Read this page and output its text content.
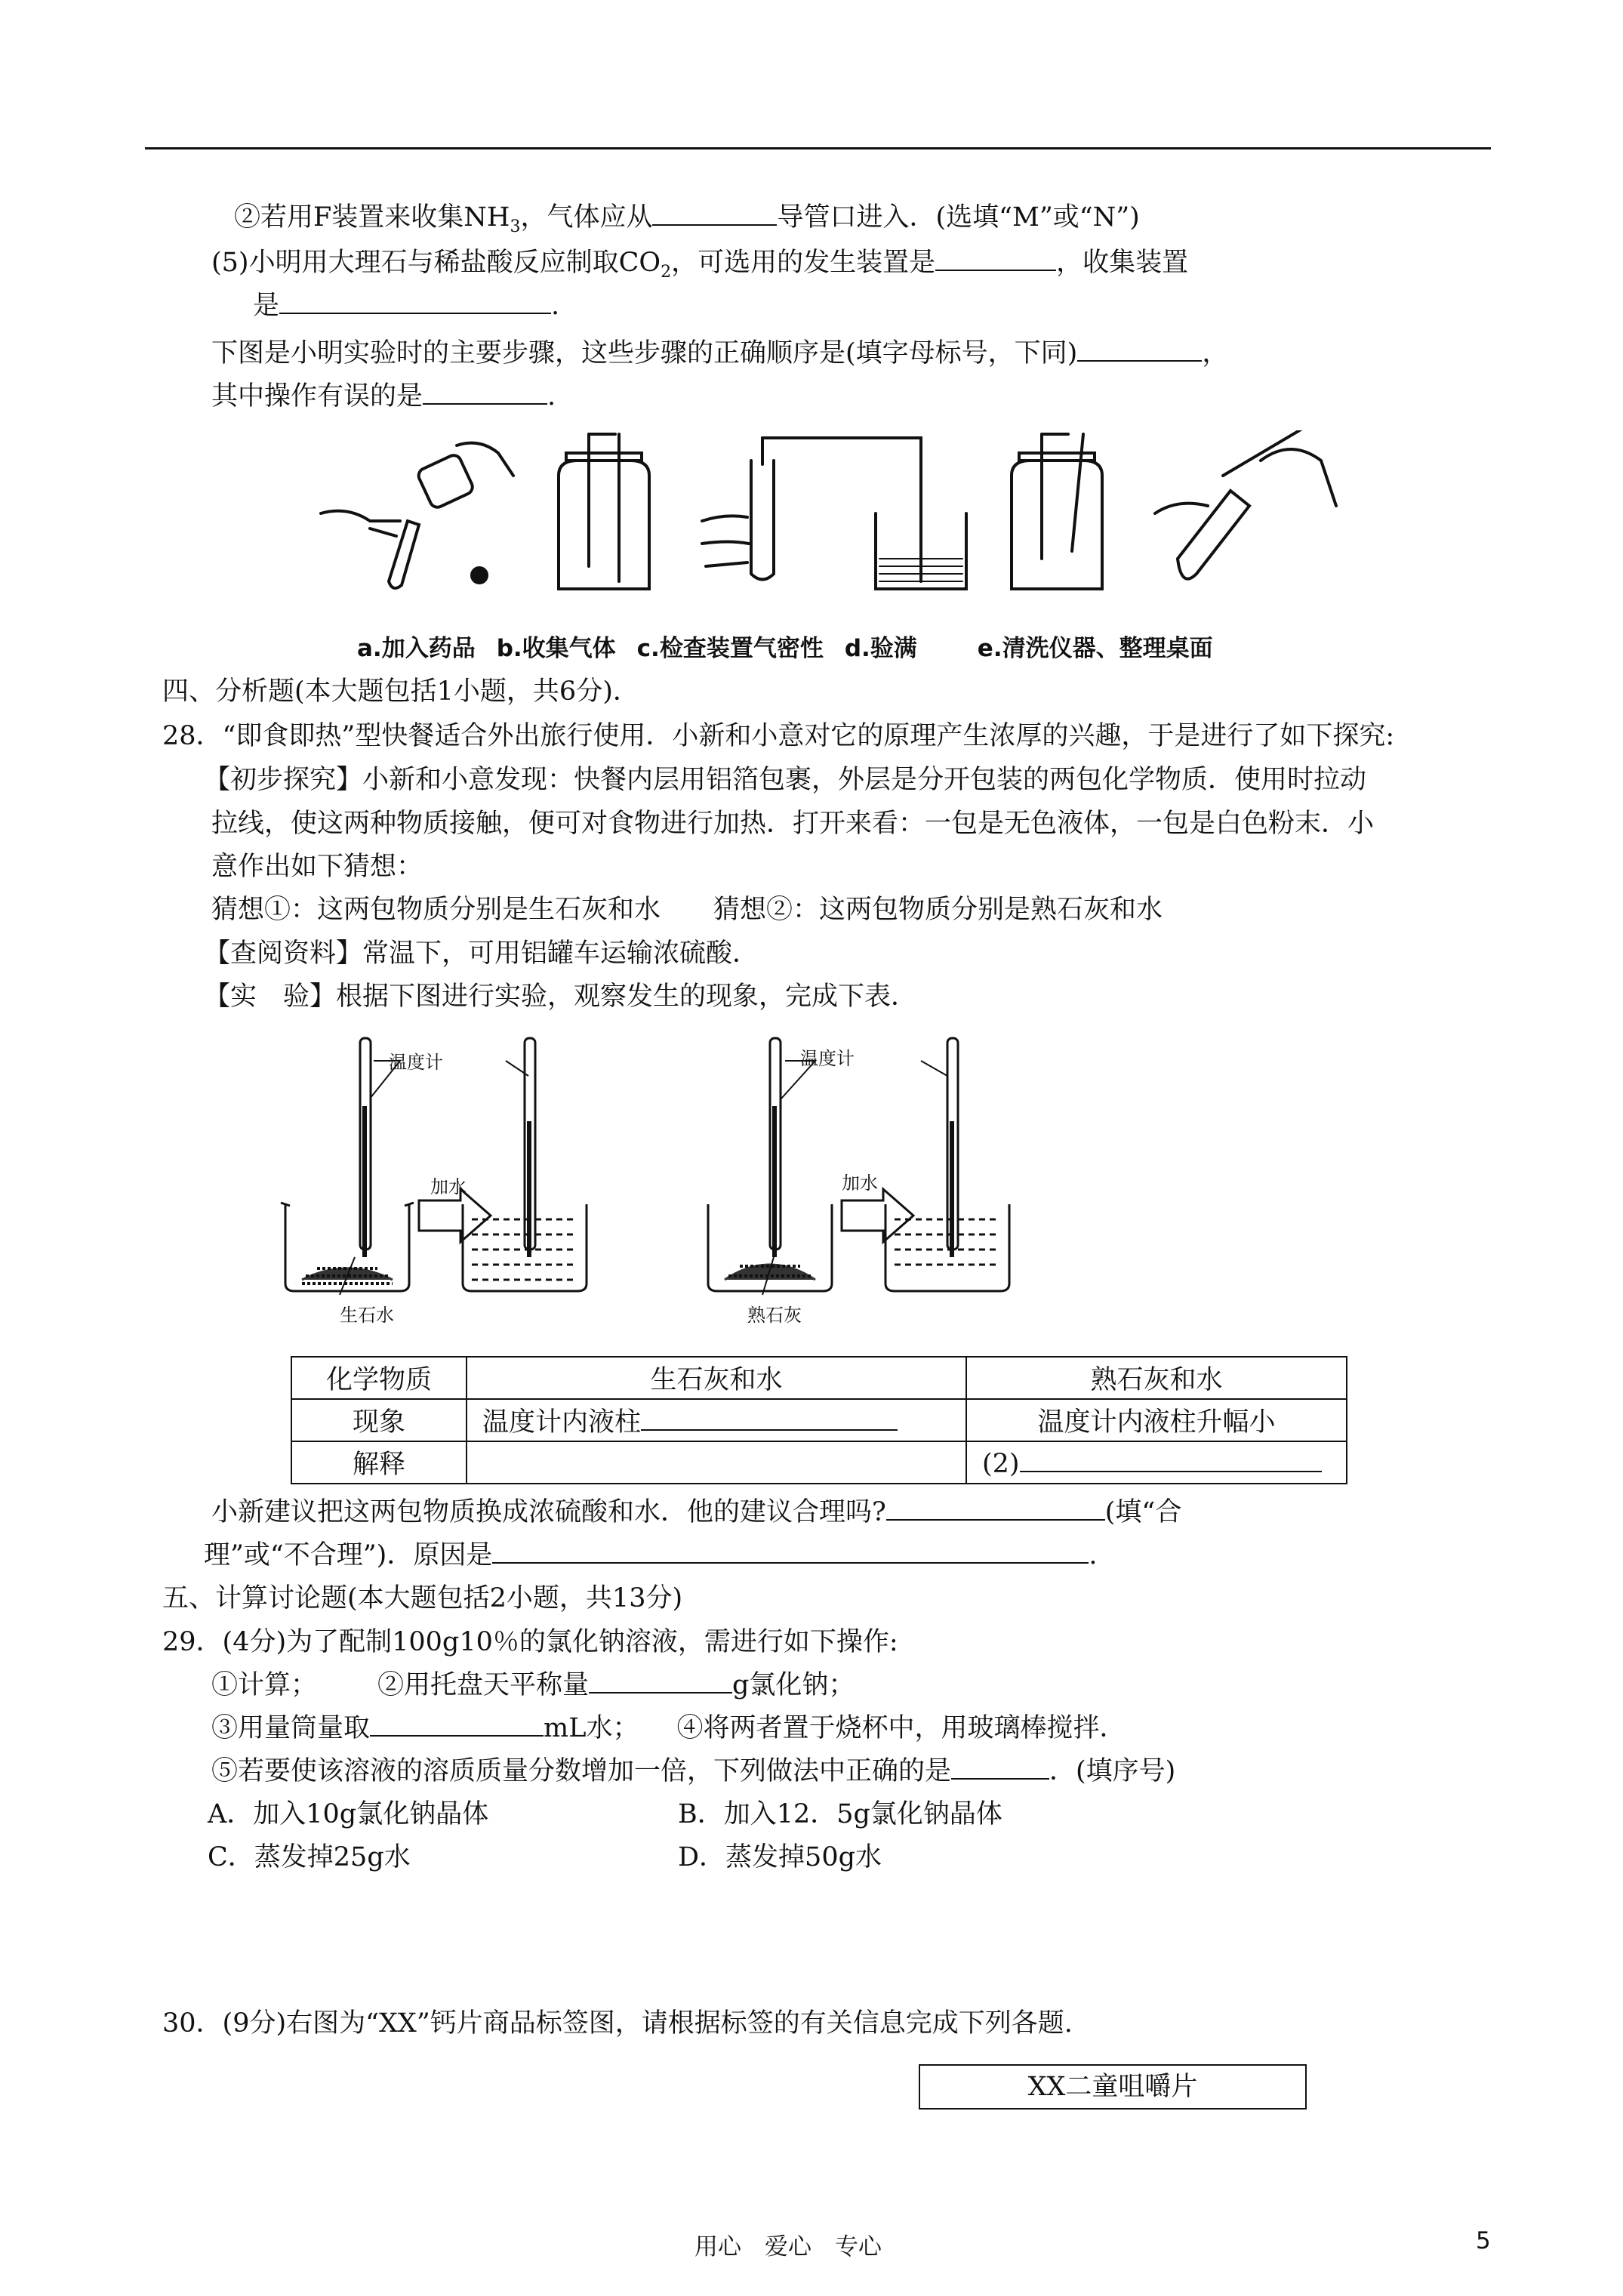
②若用F装置来收集$NH_3$，气体应从	导管口进入．(选填“M”或“N”)
(5)小明用大理石与稀盐酸反应制取$CO_2$，可选用的发生装置是	，收集装置
是	.
下图是小明实验时的主要步骤，这些步骤的正确顺序是(填字母标号，下同)	，
其中操作有误的是	.
a.加入药品 b.收集气体 c.检查装置气密性 d.验满	e.清洗仪器、整理桌面
四、分析题(本大题包括1小题，共6分)．
28．“即食即热”型快餐适合外出旅行使用．小新和小意对它的原理产生浓厚的兴趣，于是进行了如下探究:
【初步探究】小新和小意发现：快餐内层用铝箔包裹，外层是分开包装的两包化学物质．使用时拉动
拉线，使这两种物质接触，便可对食物进行加热．打开来看：一包是无色液体，一包是白色粉末．小
意作出如下猜想：
猜想①：这两包物质分别是生石灰和水　　猜想②：这两包物质分别是熟石灰和水
【查阅资料】常温下，可用铝罐车运输浓硫酸．
【实　验】根据下图进行实验，观察发生的现象，完成下表．
温度计
加水
生石水
温度计
加水
熟石灰
化学物质	生石灰和水	熟石灰和水
现象	温度计内液柱	温度计内液柱升幅小
解释		(2)
小新建议把这两包物质换成浓硫酸和水．他的建议合理吗?	(填“合
理”或“不合理”)．原因是	.
五、计算讨论题(本大题包括2小题，共13分)
29．(4分)为了配制100g10％的氯化钠溶液，需进行如下操作:
①计算； ②用托盘天平称量	g氯化钠；
③用量筒量取	mL水； ④将两者置于烧杯中，用玻璃棒搅拌．
⑤若要使该溶液的溶质质量分数增加一倍，下列做法中正确的是	．(填序号)
A．加入10g氯化钠晶体	B．加入12．5g氯化钠晶体
C．蒸发掉25g水	D．蒸发掉50g水
30．(9分)右图为“XX”钙片商品标签图，请根据标签的有关信息完成下列各题.
XX二童咀嚼片
用心　爱心　专心	5
